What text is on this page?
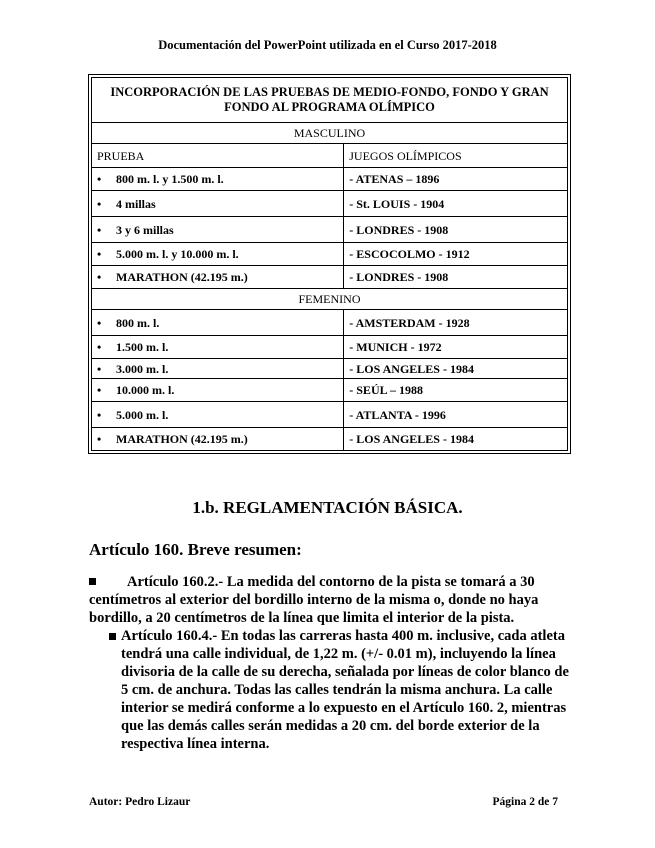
Documentación del PowerPoint utilizada en el Curso 2017-2018
INCORPORACIÓN DE LAS PRUEBAS DE MEDIO-FONDO, FONDO Y GRAN
FONDO AL PROGRAMA OLÍMPICO	
MASCULINO	
PRUEBA	JUEGOS OLÍMPICOS
• 800 m. l. y 1.500 m. l.	- ATENAS – 1896
• 4 millas	- St. LOUIS - 1904
• 3 y 6 millas	- LONDRES - 1908
• 5.000 m. l. y 10.000 m. l.	- ESCOCOLMO - 1912
• MARATHON (42.195 m.)	- LONDRES - 1908
FEMENINO	
• 800 m. l.	- AMSTERDAM - 1928
• 1.500 m. l.	- MUNICH - 1972
• 3.000 m. l.	- LOS ANGELES - 1984
• 10.000 m. l.	- SEÚL – 1988
• 5.000 m. l.	- ATLANTA - 1996
• MARATHON (42.195 m.)	- LOS ANGELES - 1984
1.b. REGLAMENTACIÓN BÁSICA.
Artículo 160. Breve resumen:
Artículo 160.2.- La medida del contorno de la pista se tomará a 30 centímetros al exterior del bordillo interno de la misma o, donde no haya bordillo, a 20 centímetros de la línea que limita el interior de la pista.
Artículo 160.4.- En todas las carreras hasta 400 m. inclusive, cada atleta tendrá una calle individual, de 1,22 m. (+/- 0.01 m), incluyendo la línea divisoria de la calle de su derecha, señalada por líneas de color blanco de 5 cm. de anchura. Todas las calles tendrán la misma anchura. La calle interior se medirá conforme a lo expuesto en el Artículo 160. 2, mientras que las demás calles serán medidas a 20 cm. del borde exterior de la respectiva línea interna.
Autor: Pedro Lizaur	Página 2 de 7
